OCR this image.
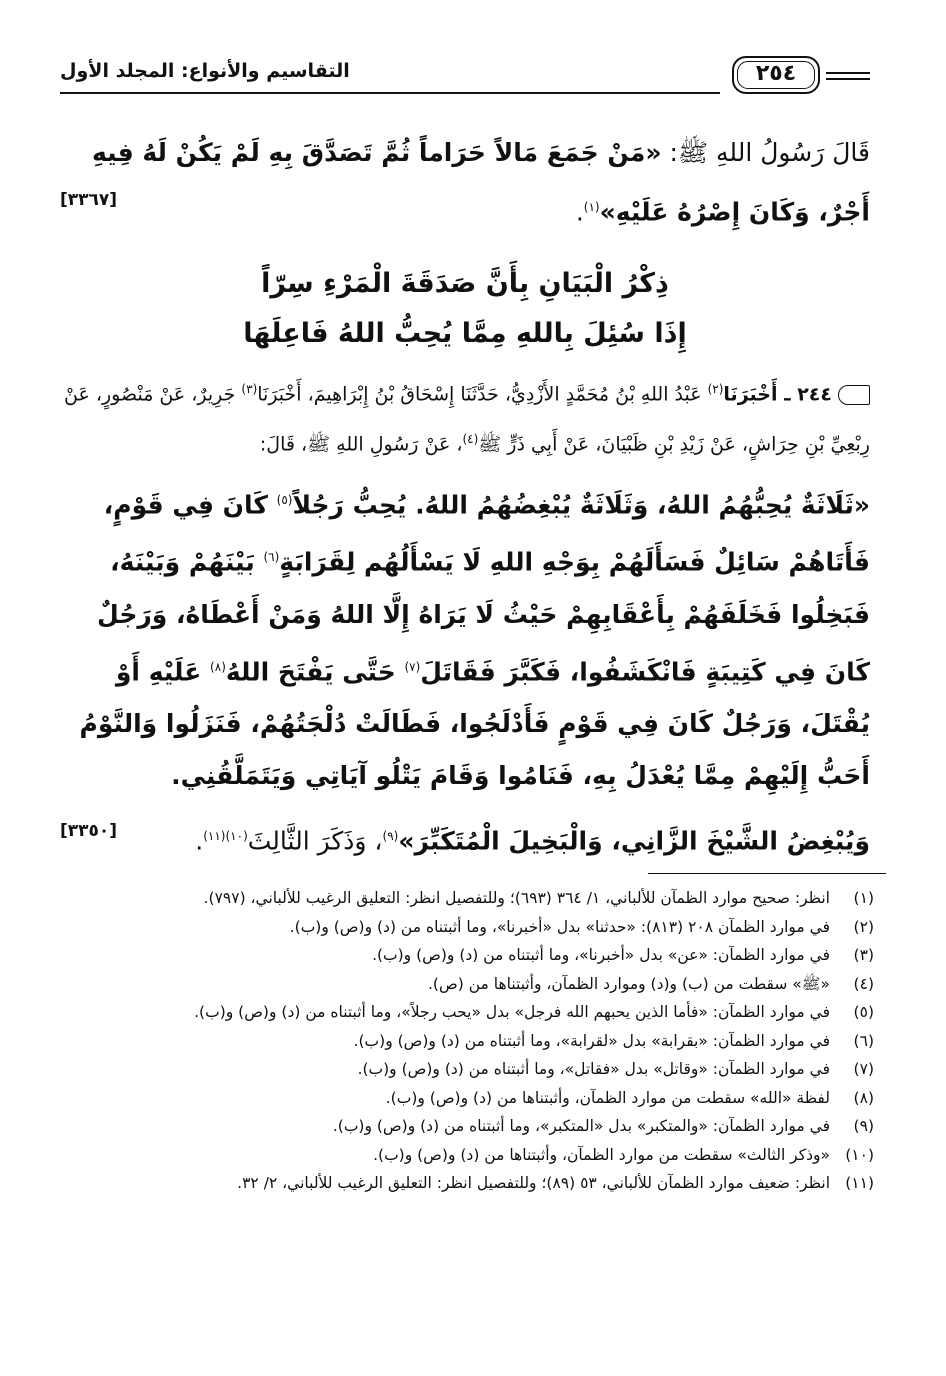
٢٥٤
التقاسيم والأنواع: المجلد الأول
قَالَ رَسُولُ اللهِ ﷺ: «مَنْ جَمَعَ مَالاً حَرَاماً ثُمَّ تَصَدَّقَ بِهِ لَمْ يَكُنْ لَهُ فِيهِ أَجْرٌ، وَكَانَ إِصْرُهُ عَلَيْهِ»$^{(١)}$.
[٣٣٦٧]
ذِكْرُ الْبَيَانِ بِأَنَّ صَدَقَةَ الْمَرْءِ سِرّاً
إِذَا سُئِلَ بِاللهِ مِمَّا يُحِبُّ اللهُ فَاعِلَهَا
٢٤٤ ـ أَخْبَرَنَا$^{(٢)}$ عَبْدُ اللهِ بْنُ مُحَمَّدٍ الأَزْدِيُّ، حَدَّثَنَا إِسْحَاقُ بْنُ إِبْرَاهِيمَ، أَخْبَرَنَا$^{(٣)}$ جَرِيرٌ، عَنْ مَنْصُورٍ، عَنْ رِبْعِيِّ بْنِ حِرَاشٍ، عَنْ زَيْدِ بْنِ ظَبْيَانَ، عَنْ أَبِي ذَرٍّ ﷺ$^{(٤)}$، عَنْ رَسُولِ اللهِ ﷺ، قَالَ:
«ثَلَاثَةٌ يُحِبُّهُمُ اللهُ، وَثَلَاثَةٌ يُبْغِضُهُمُ اللهُ. يُحِبُّ رَجُلاً$^{(٥)}$ كَانَ فِي قَوْمٍ، فَأَتَاهُمْ سَائِلٌ فَسَأَلَهُمْ بِوَجْهِ اللهِ لَا يَسْأَلُهُم لِقَرَابَةٍ$^{(٦)}$ بَيْنَهُمْ وَبَيْنَهُ، فَبَخِلُوا فَخَلَفَهُمْ بِأَعْقَابِهِمْ حَيْثُ لَا يَرَاهُ إِلَّا اللهُ وَمَنْ أَعْطَاهُ، وَرَجُلٌ كَانَ فِي كَتِيبَةٍ فَانْكَشَفُوا، فَكَبَّرَ فَقَاتَلَ$^{(٧)}$ حَتَّى يَفْتَحَ اللهُ$^{(٨)}$ عَلَيْهِ أَوْ يُقْتَلَ، وَرَجُلٌ كَانَ فِي قَوْمٍ فَأَدْلَجُوا، فَطَالَتْ دُلْجَتُهُمْ، فَنَزَلُوا وَالنَّوْمُ أَحَبُّ إِلَيْهِمْ مِمَّا يُعْدَلُ بِهِ، فَنَامُوا وَقَامَ يَتْلُو آيَاتِي وَيَتَمَلَّقُنِي.
وَيُبْغِضُ الشَّيْخَ الزَّانِي، وَالْبَخِيلَ الْمُتَكَبِّرَ»$^{(٩)}$، وَذَكَرَ الثَّالِثَ$^{(١٠)(١١)}$.
[٣٣٥٠]
(١)
انظر: صحيح موارد الظمآن للألباني، ١/ ٣٦٤ (٦٩٣)؛ وللتفصيل انظر: التعليق الرغيب للألباني، (٧٩٧).
(٢)
في موارد الظمآن ٢٠٨ (٨١٣): «حدثنا» بدل «أخبرنا»، وما أثبتناه من (د) و(ص) و(ب).
(٣)
في موارد الظمآن: «عن» بدل «أخبرنا»، وما أثبتناه من (د) و(ص) و(ب).
(٤)
«ﷺ» سقطت من (ب) و(د) وموارد الظمآن، وأثبتناها من (ص).
(٥)
في موارد الظمآن: «فأما الذين يحبهم الله فرجل» بدل «يحب رجلاً»، وما أثبتناه من (د) و(ص) و(ب).
(٦)
في موارد الظمآن: «بقرابة» بدل «لقرابة»، وما أثبتناه من (د) و(ص) و(ب).
(٧)
في موارد الظمآن: «وقاتل» بدل «فقاتل»، وما أثبتناه من (د) و(ص) و(ب).
(٨)
لفظة «الله» سقطت من موارد الظمآن، وأثبتناها من (د) و(ص) و(ب).
(٩)
في موارد الظمآن: «والمتكبر» بدل «المتكبر»، وما أثبتناه من (د) و(ص) و(ب).
(١٠)
«وذكر الثالث» سقطت من موارد الظمآن، وأثبتناها من (د) و(ص) و(ب).
(١١)
انظر: ضعيف موارد الظمآن للألباني، ٥٣ (٨٩)؛ وللتفصيل انظر: التعليق الرغيب للألباني، ٢/ ٣٢.
